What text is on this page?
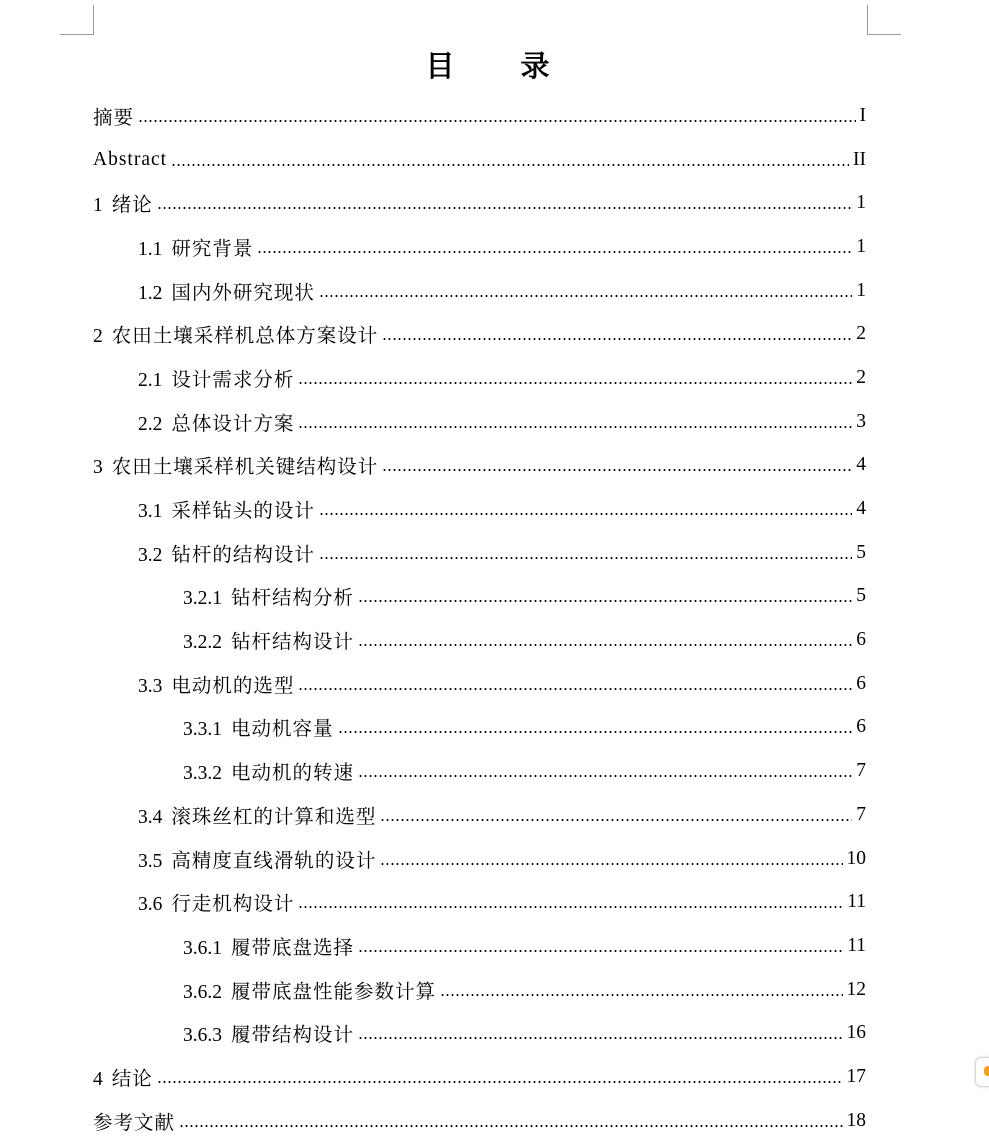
目 录
摘要	I
Abstract	II
1 绪论	1
1.1 研究背景	1
1.2 国内外研究现状	1
2 农田土壤采样机总体方案设计	2
2.1 设计需求分析	2
2.2 总体设计方案	3
3 农田土壤采样机关键结构设计	4
3.1 采样钻头的设计	4
3.2 钻杆的结构设计	5
3.2.1 钻杆结构分析	5
3.2.2 钻杆结构设计	6
3.3 电动机的选型	6
3.3.1 电动机容量	6
3.3.2 电动机的转速	7
3.4 滚珠丝杠的计算和选型	7
3.5 高精度直线滑轨的设计	10
3.6 行走机构设计	11
3.6.1 履带底盘选择	11
3.6.2 履带底盘性能参数计算	12
3.6.3 履带结构设计	16
4 结论	17
参考文献	18
